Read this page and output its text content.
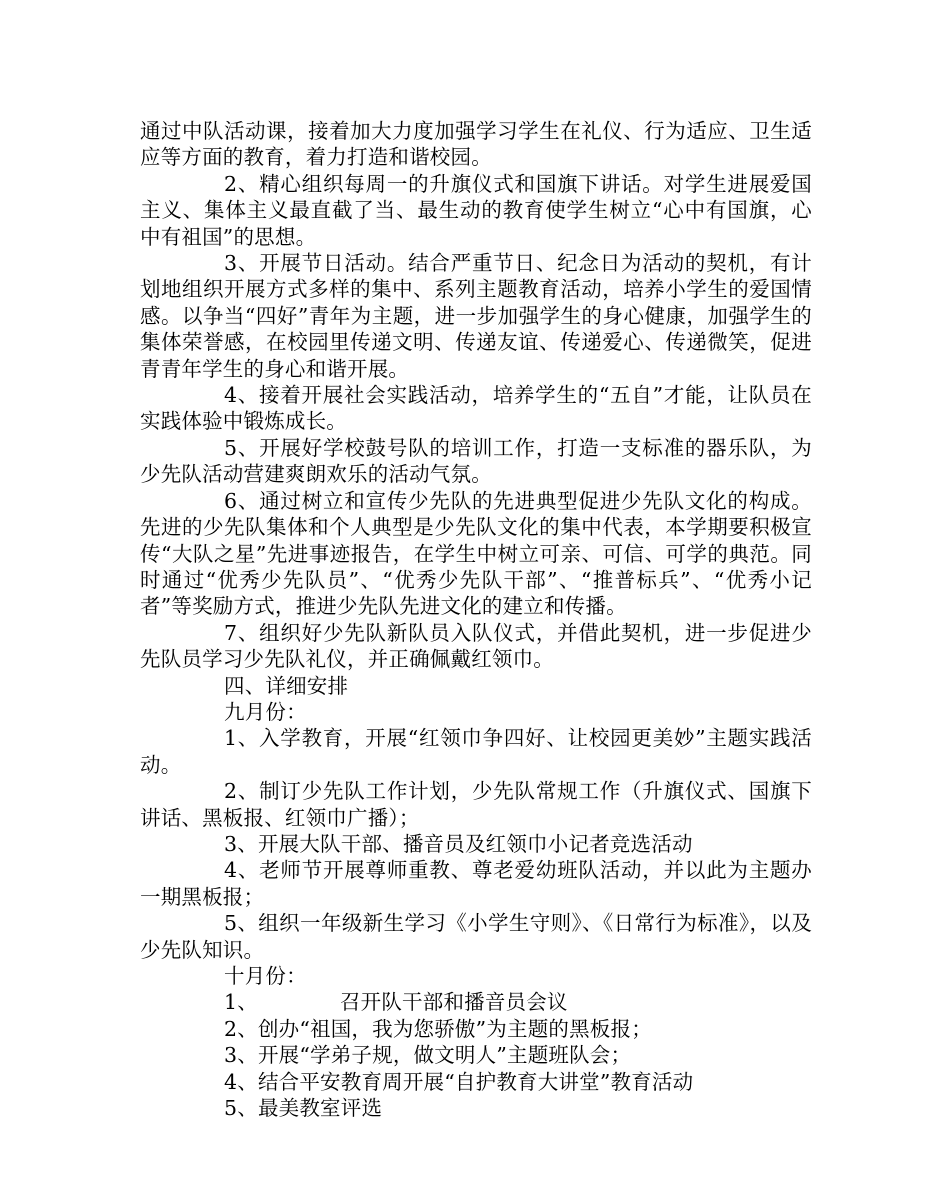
通过中队活动课，接着加大力度加强学习学生在礼仪、行为适应、卫生适应等方面的教育，着力打造和谐校园。

2、精心组织每周一的升旗仪式和国旗下讲话。对学生进展爱国主义、集体主义最直截了当、最生动的教育使学生树立“心中有国旗，心中有祖国”的思想。

3、开展节日活动。结合严重节日、纪念日为活动的契机，有计划地组织开展方式多样的集中、系列主题教育活动，培养小学生的爱国情感。以争当“四好”青年为主题，进一步加强学生的身心健康，加强学生的集体荣誉感，在校园里传递文明、传递友谊、传递爱心、传递微笑，促进青青年学生的身心和谐开展。

4、接着开展社会实践活动，培养学生的“五自”才能，让队员在实践体验中锻炼成长。

5、开展好学校鼓号队的培训工作，打造一支标准的器乐队，为少先队活动营建爽朗欢乐的活动气氛。

6、通过树立和宣传少先队的先进典型促进少先队文化的构成。先进的少先队集体和个人典型是少先队文化的集中代表，本学期要积极宣传“大队之星”先进事迹报告，在学生中树立可亲、可信、可学的典范。同时通过“优秀少先队员”、“优秀少先队干部”、“推普标兵”、“优秀小记者”等奖励方式，推进少先队先进文化的建立和传播。

7、组织好少先队新队员入队仪式，并借此契机，进一步促进少先队员学习少先队礼仪，并正确佩戴红领巾。

四、详细安排

九月份：

1、入学教育，开展“红领巾争四好、让校园更美妙”主题实践活动。

2、制订少先队工作计划，少先队常规工作（升旗仪式、国旗下讲话、黑板报、红领巾广播）；

3、开展大队干部、播音员及红领巾小记者竞选活动

4、老师节开展尊师重教、尊老爱幼班队活动，并以此为主题办一期黑板报；

5、组织一年级新生学习《小学生守则》、《日常行为标准》，以及少先队知识。

十月份：

1、	召开队干部和播音员会议

2、创办“祖国，我为您骄傲”为主题的黑板报；

3、开展“学弟子规，做文明人”主题班队会；

4、结合平安教育周开展“自护教育大讲堂”教育活动

5、最美教室评选
